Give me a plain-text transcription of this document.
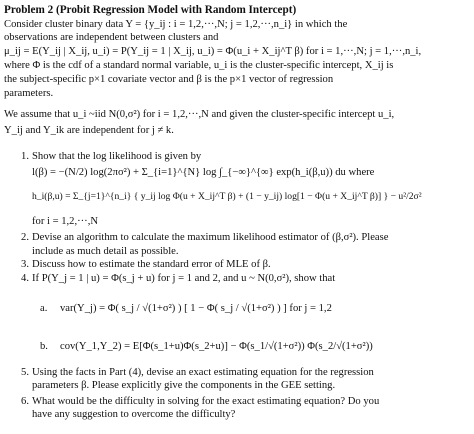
Problem 2 (Probit Regression Model with Random Intercept)
Consider cluster binary data Y = {y_ij : i = 1,2,···,N; j = 1,2,···,n_i} in which the
observations are independent between clusters and
μ_ij = E(Y_ij | X_ij, u_i) = P(Y_ij = 1 | X_ij, u_i) = Φ(u_i + X_ij^T β) for i = 1,···,N; j = 1,···,n_i,
where Φ is the cdf of a standard normal variable, u_i is the cluster-specific intercept, X_ij is
the subject-specific p×1 covariate vector and β is the p×1 vector of regression
parameters.
We assume that u_i ~iid N(0,σ²) for i = 1,2,···,N and given the cluster-specific intercept u_i,
Y_ij and Y_ik are independent for j ≠ k.
1. Show that the log likelihood is given by
l(β) = −(N/2) log(2πσ²) + Σ_{i=1}^{N} log ∫_{−∞}^{∞} exp(h_i(β,u)) du where
h_i(β,u) = Σ_{j=1}^{n_i} { y_ij log Φ(u + X_ij^T β) + (1 − y_ij) log[1 − Φ(u + X_ij^T β)] } − u²/2σ²
for i = 1,2,···,N
2. Devise an algorithm to calculate the maximum likelihood estimator of (β,σ²). Please
include as much detail as possible.
3. Discuss how to estimate the standard error of MLE of β.
4. If P(Y_j = 1 | u) = Φ(s_j + u) for j = 1 and 2, and u ~ N(0,σ²), show that
a. var(Y_j) = Φ( s_j / √(1+σ²) ) [ 1 − Φ( s_j / √(1+σ²) ) ] for j = 1,2
b. cov(Y_1,Y_2) = E[Φ(s_1+u)Φ(s_2+u)] − Φ(s_1/√(1+σ²)) Φ(s_2/√(1+σ²))
5. Using the facts in Part (4), devise an exact estimating equation for the regression
parameters β. Please explicitly give the components in the GEE setting.
6. What would be the difficulty in solving for the exact estimating equation? Do you
have any suggestion to overcome the difficulty?
